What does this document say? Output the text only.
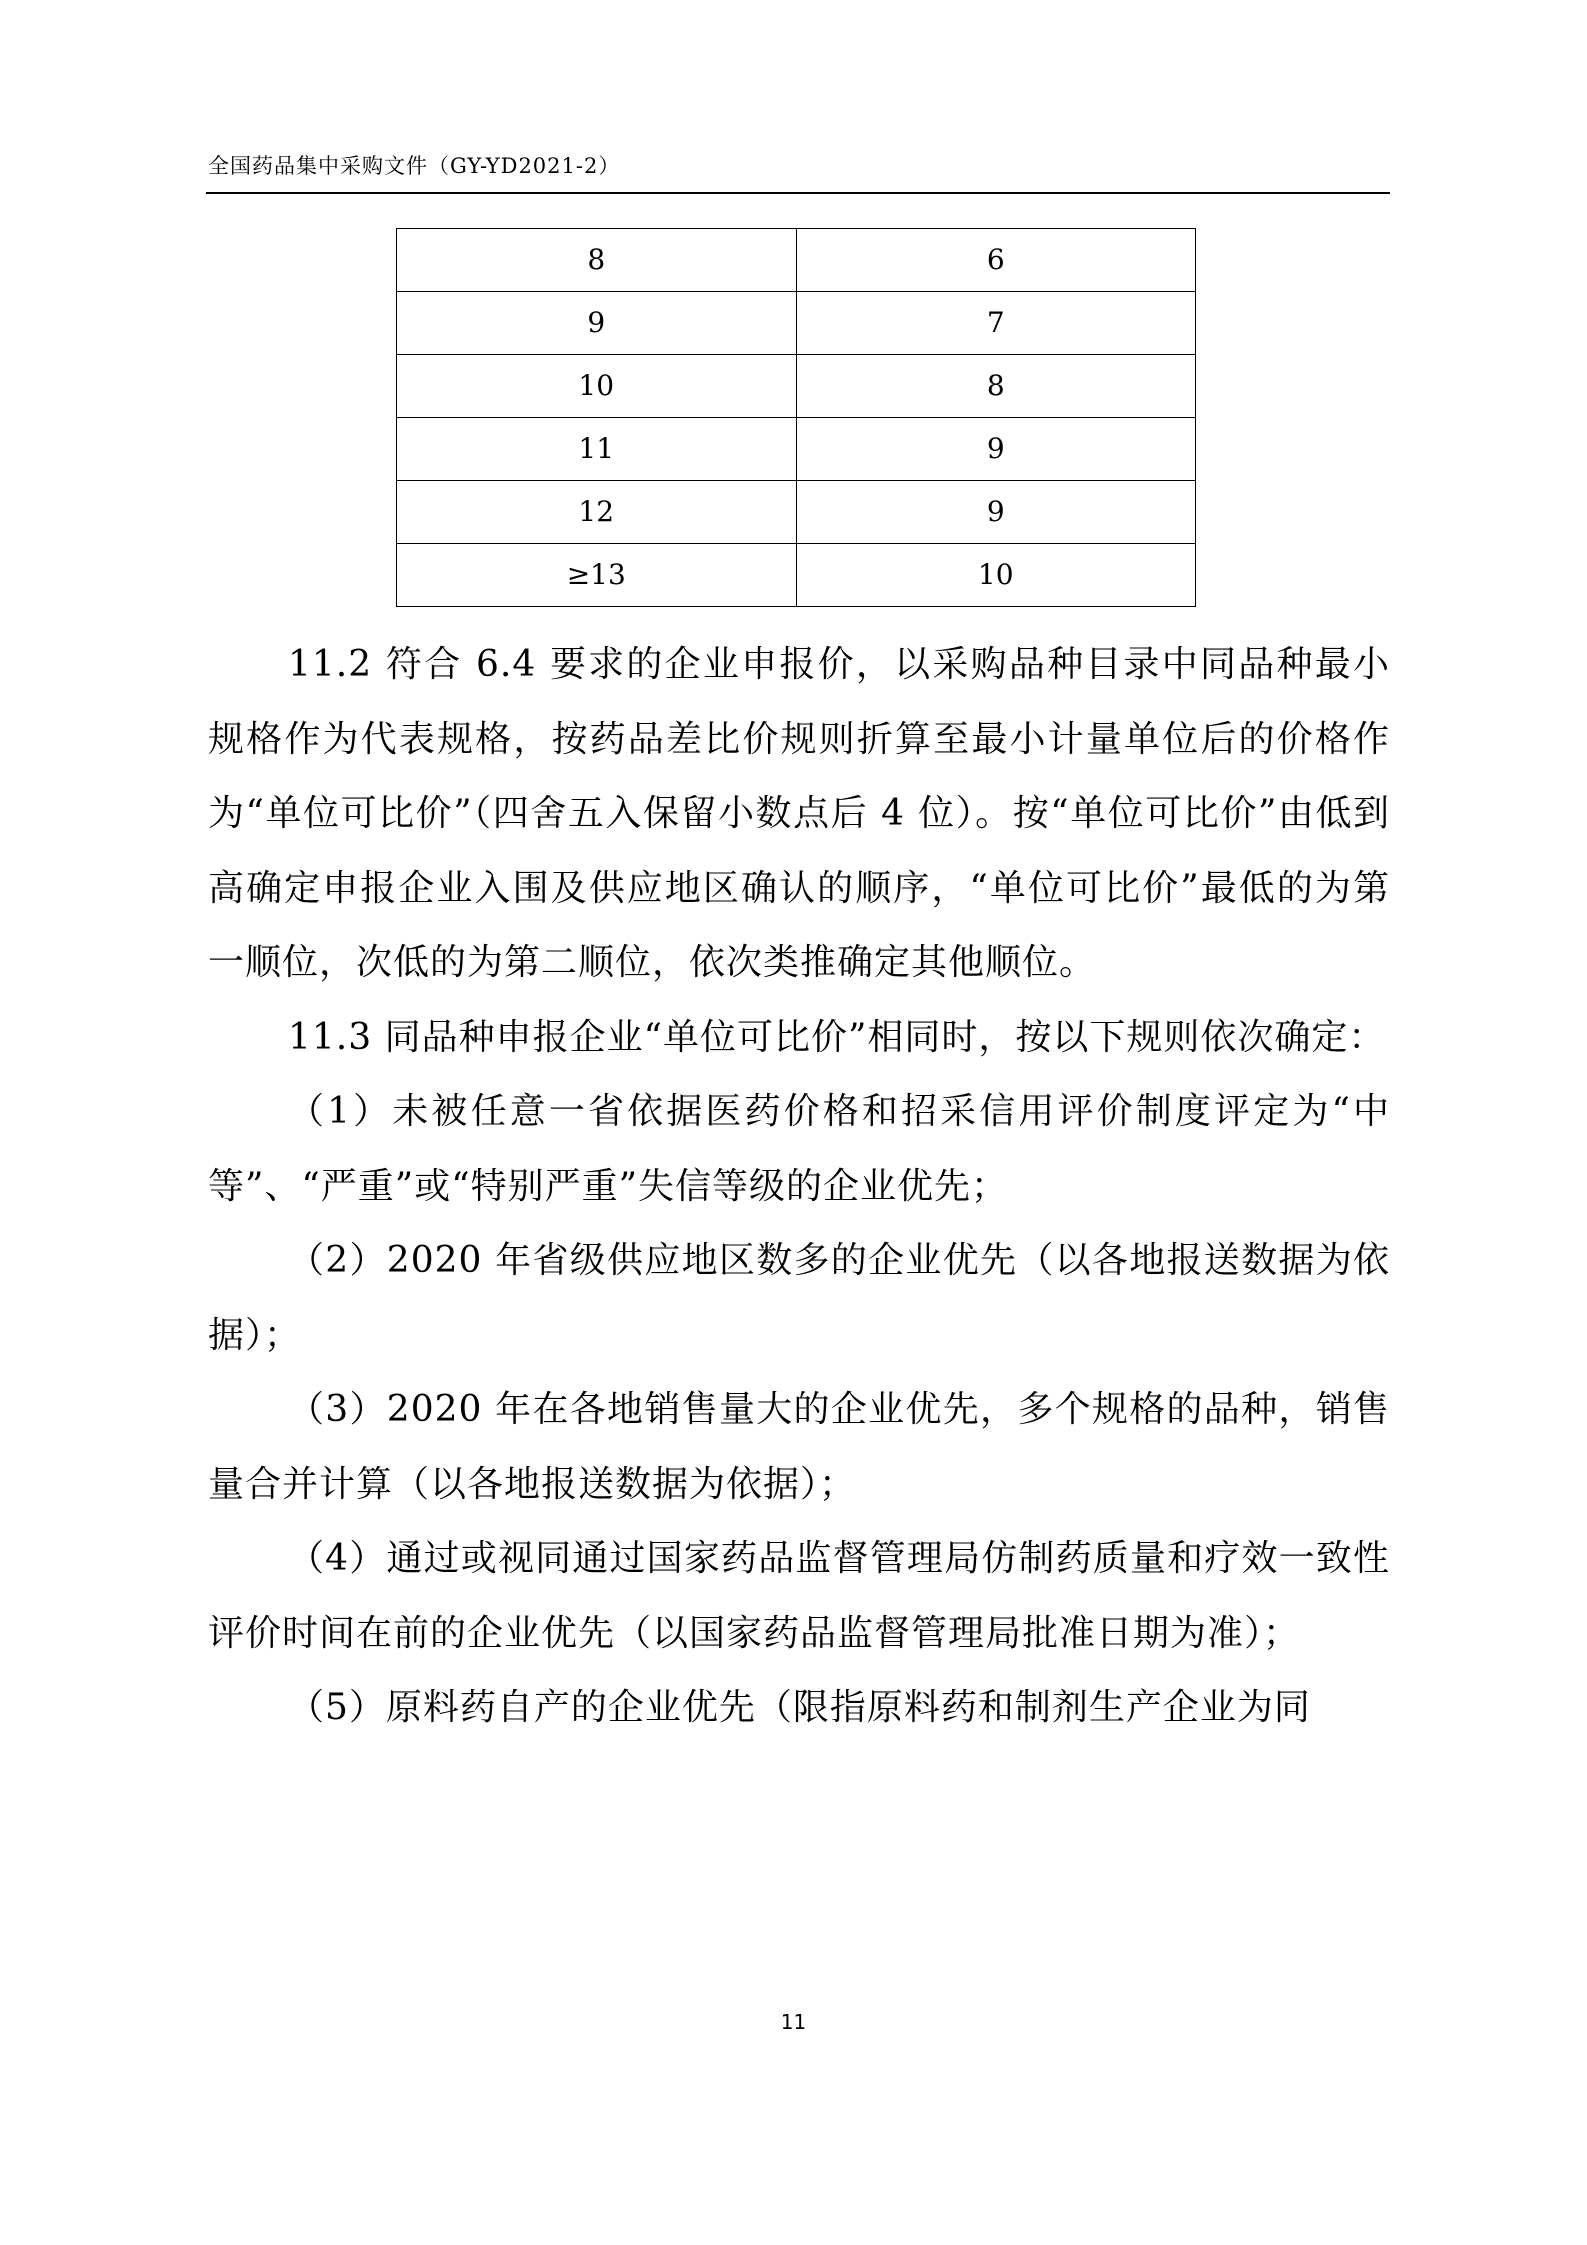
全国药品集中采购文件（GY-YD2021-2）
8	6
9	7
10	8
11	9
12	9
≥13	10

11.2 符合 6.4 要求的企业申报价，以采购品种目录中同品种最小规格作为代表规格，按药品差比价规则折算至最小计量单位后的价格作为“单位可比价”（四舍五入保留小数点后 4 位）。按“单位可比价”由低到高确定申报企业入围及供应地区确认的顺序，“单位可比价”最低的为第一顺位，次低的为第二顺位，依次类推确定其他顺位。

11.3 同品种申报企业“单位可比价”相同时，按以下规则依次确定：

（1）未被任意一省依据医药价格和招采信用评价制度评定为“中等”、“严重”或“特别严重”失信等级的企业优先；

（2）2020 年省级供应地区数多的企业优先（以各地报送数据为依据）；

（3）2020 年在各地销售量大的企业优先，多个规格的品种，销售量合并计算（以各地报送数据为依据）；

（4）通过或视同通过国家药品监督管理局仿制药质量和疗效一致性评价时间在前的企业优先（以国家药品监督管理局批准日期为准）；

（5）原料药自产的企业优先（限指原料药和制剂生产企业为同

11
